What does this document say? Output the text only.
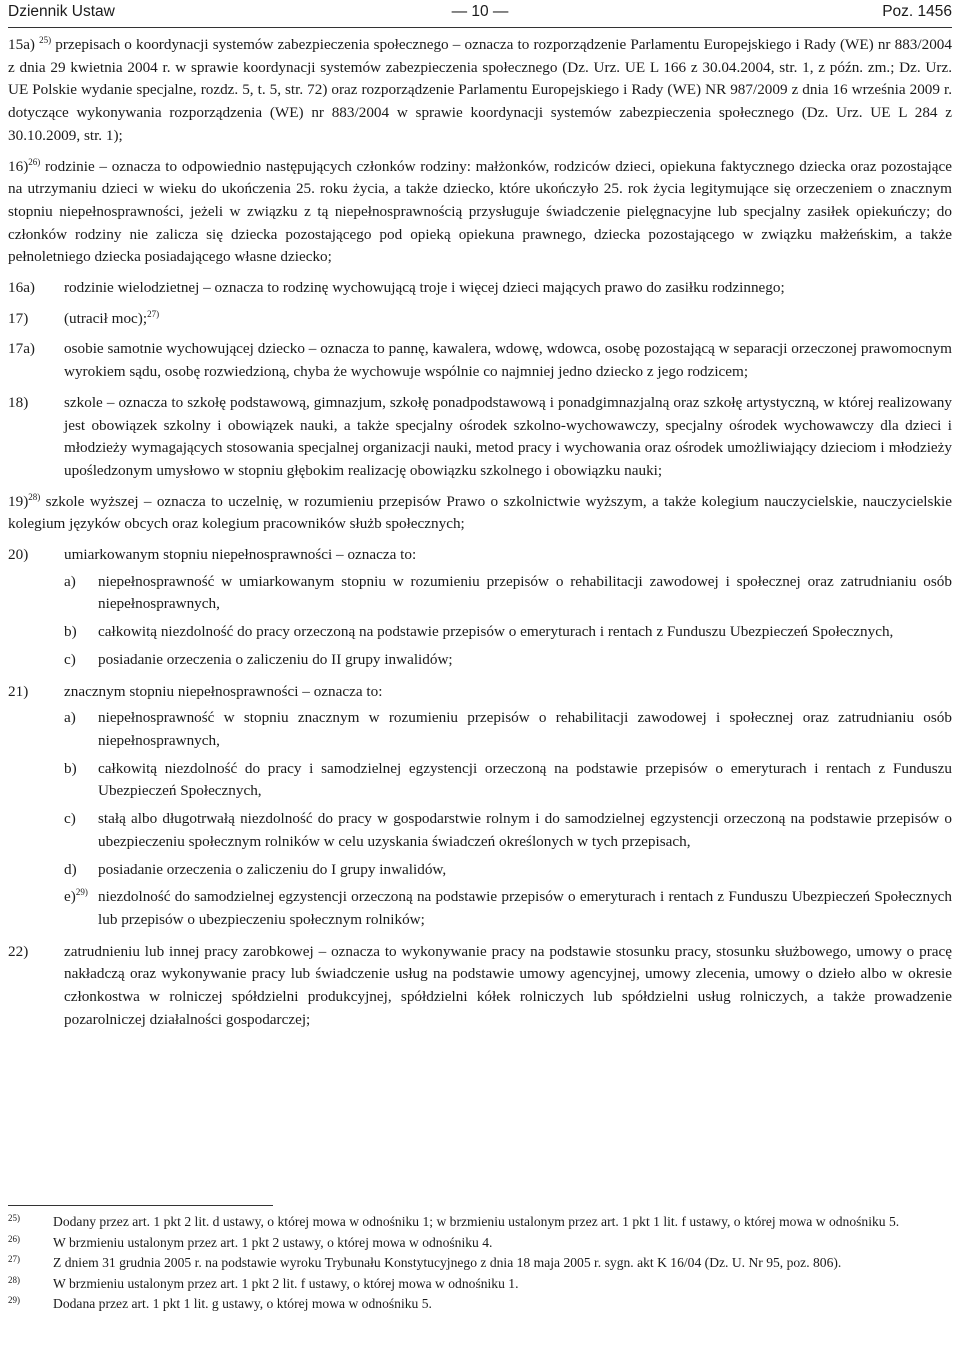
Dziennik Ustaw	— 10 —	Poz. 1456
15a) $^{25)}$ przepisach o koordynacji systemów zabezpieczenia społecznego – oznacza to rozporządzenie Parlamentu Europejskiego i Rady (WE) nr 883/2004 z dnia 29 kwietnia 2004 r. w sprawie koordynacji systemów zabezpieczenia społecznego (Dz. Urz. UE L 166 z 30.04.2004, str. 1, z późn. zm.; Dz. Urz. UE Polskie wydanie specjalne, rozdz. 5, t. 5, str. 72) oraz rozporządzenie Parlamentu Europejskiego i Rady (WE) NR 987/2009 z dnia 16 września 2009 r. dotyczące wykonywania rozporządzenia (WE) nr 883/2004 w sprawie koordynacji systemów zabezpieczenia społecznego (Dz. Urz. UE L 284 z 30.10.2009, str. 1);
16)$^{26)}$ rodzinie – oznacza to odpowiednio następujących członków rodziny: małżonków, rodziców dzieci, opiekuna faktycznego dziecka oraz pozostające na utrzymaniu dzieci w wieku do ukończenia 25. roku życia, a także dziecko, które ukończyło 25. rok życia legitymujące się orzeczeniem o znacznym stopniu niepełnosprawności, jeżeli w związku z tą niepełnosprawnością przysługuje świadczenie pielęgnacyjne lub specjalny zasiłek opiekuńczy; do członków rodziny nie zalicza się dziecka pozostającego pod opieką opiekuna prawnego, dziecka pozostającego w związku małżeńskim, a także pełnoletniego dziecka posiadającego własne dziecko;
16a) rodzinie wielodzietnej – oznacza to rodzinę wychowującą troje i więcej dzieci mających prawo do zasiłku rodzinnego;
17) (utracił moc);$^{27)}$
17a) osobie samotnie wychowującej dziecko – oznacza to pannę, kawalera, wdowę, wdowca, osobę pozostającą w separacji orzeczonej prawomocnym wyrokiem sądu, osobę rozwiedzioną, chyba że wychowuje wspólnie co najmniej jedno dziecko z jego rodzicem;
18) szkole – oznacza to szkołę podstawową, gimnazjum, szkołę ponadpodstawową i ponadgimnazjalną oraz szkołę artystyczną, w której realizowany jest obowiązek szkolny i obowiązek nauki, a także specjalny ośrodek szkolno-wychowawczy, specjalny ośrodek wychowawczy dla dzieci i młodzieży wymagających stosowania specjalnej organizacji nauki, metod pracy i wychowania oraz ośrodek umożliwiający dzieciom i młodzieży upośledzonym umysłowo w stopniu głębokim realizację obowiązku szkolnego i obowiązku nauki;
19)$^{28)}$ szkole wyższej – oznacza to uczelnię, w rozumieniu przepisów Prawo o szkolnictwie wyższym, a także kolegium nauczycielskie, nauczycielskie kolegium języków obcych oraz kolegium pracowników służb społecznych;
20) umiarkowanym stopniu niepełnosprawności – oznacza to:
a) niepełnosprawność w umiarkowanym stopniu w rozumieniu przepisów o rehabilitacji zawodowej i społecznej oraz zatrudnianiu osób niepełnosprawnych,
b) całkowitą niezdolność do pracy orzeczoną na podstawie przepisów o emeryturach i rentach z Funduszu Ubezpieczeń Społecznych,
c) posiadanie orzeczenia o zaliczeniu do II grupy inwalidów;
21) znacznym stopniu niepełnosprawności – oznacza to:
a) niepełnosprawność w stopniu znacznym w rozumieniu przepisów o rehabilitacji zawodowej i społecznej oraz zatrudnianiu osób niepełnosprawnych,
b) całkowitą niezdolność do pracy i samodzielnej egzystencji orzeczoną na podstawie przepisów o emeryturach i rentach z Funduszu Ubezpieczeń Społecznych,
c) stałą albo długotrwałą niezdolność do pracy w gospodarstwie rolnym i do samodzielnej egzystencji orzeczoną na podstawie przepisów o ubezpieczeniu społecznym rolników w celu uzyskania świadczeń określonych w tych przepisach,
d) posiadanie orzeczenia o zaliczeniu do I grupy inwalidów,
e)$^{29)}$ niezdolność do samodzielnej egzystencji orzeczoną na podstawie przepisów o emeryturach i rentach z Funduszu Ubezpieczeń Społecznych lub przepisów o ubezpieczeniu społecznym rolników;
22) zatrudnieniu lub innej pracy zarobkowej – oznacza to wykonywanie pracy na podstawie stosunku pracy, stosunku służbowego, umowy o pracę nakładczą oraz wykonywanie pracy lub świadczenie usług na podstawie umowy agencyjnej, umowy zlecenia, umowy o dzieło albo w okresie członkostwa w rolniczej spółdzielni produkcyjnej, spółdzielni kółek rolniczych lub spółdzielni usług rolniczych, a także prowadzenie pozarolniczej działalności gospodarczej;
25) Dodany przez art. 1 pkt 2 lit. d ustawy, o której mowa w odnośniku 1; w brzmieniu ustalonym przez art. 1 pkt 1 lit. f ustawy, o której mowa w odnośniku 5.
26) W brzmieniu ustalonym przez art. 1 pkt 2 ustawy, o której mowa w odnośniku 4.
27) Z dniem 31 grudnia 2005 r. na podstawie wyroku Trybunału Konstytucyjnego z dnia 18 maja 2005 r. sygn. akt K 16/04 (Dz. U. Nr 95, poz. 806).
28) W brzmieniu ustalonym przez art. 1 pkt 2 lit. f ustawy, o której mowa w odnośniku 1.
29) Dodana przez art. 1 pkt 1 lit. g ustawy, o której mowa w odnośniku 5.
